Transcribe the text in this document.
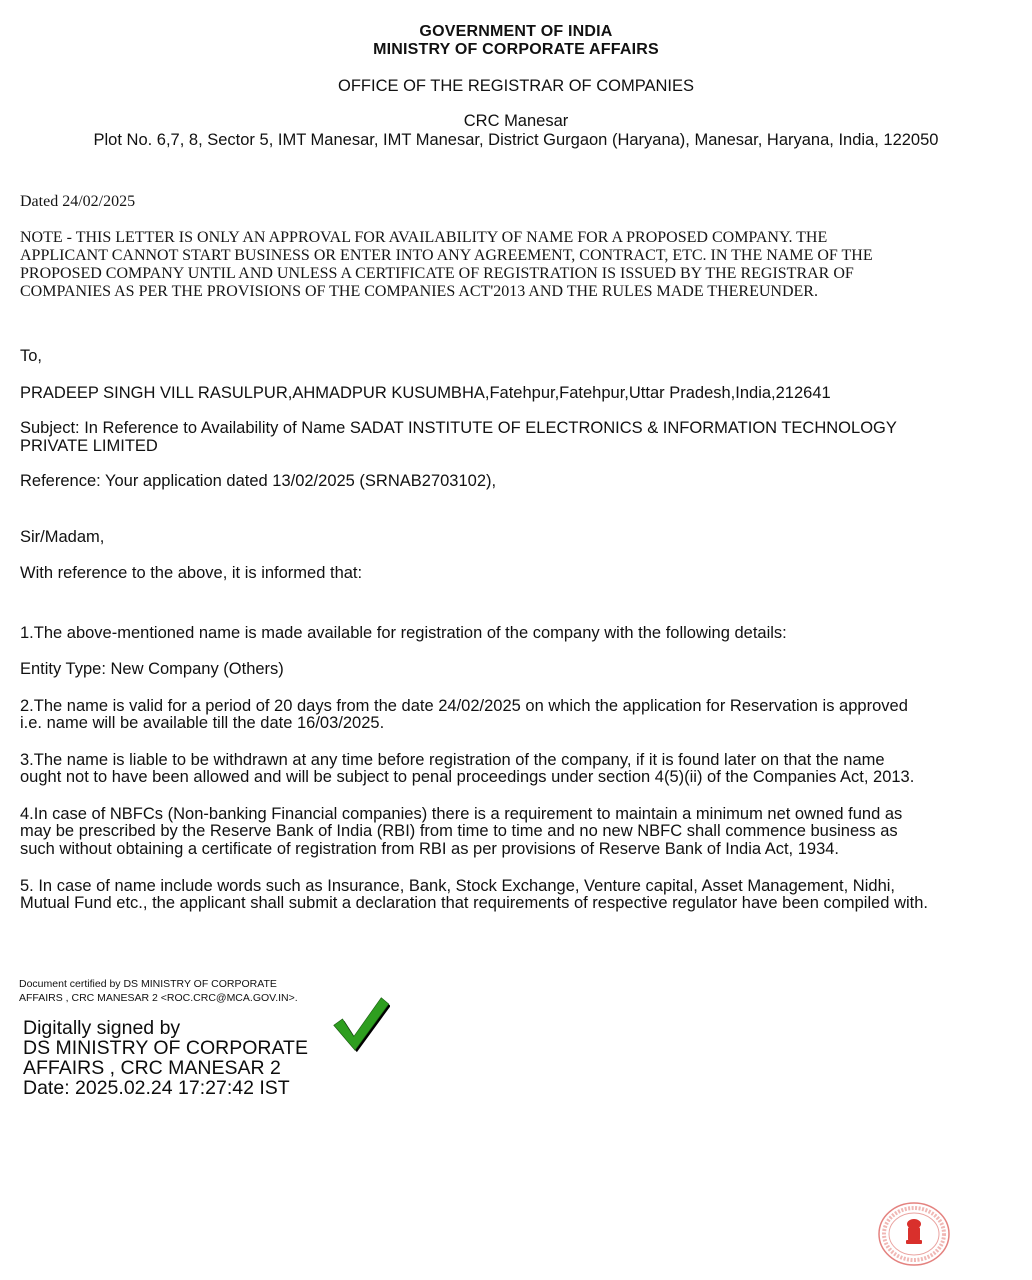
GOVERNMENT OF INDIA
MINISTRY OF CORPORATE AFFAIRS
OFFICE OF THE REGISTRAR OF COMPANIES
CRC Manesar
Plot No. 6,7, 8, Sector 5, IMT Manesar, IMT Manesar, District Gurgaon (Haryana), Manesar, Haryana, India, 122050
Dated 24/02/2025
NOTE - THIS LETTER IS ONLY AN APPROVAL FOR AVAILABILITY OF NAME FOR A PROPOSED COMPANY. THE
APPLICANT CANNOT START BUSINESS OR ENTER INTO ANY AGREEMENT, CONTRACT, ETC. IN THE NAME OF THE
PROPOSED COMPANY UNTIL AND UNLESS A CERTIFICATE OF REGISTRATION IS ISSUED BY THE REGISTRAR OF
COMPANIES AS PER THE PROVISIONS OF THE COMPANIES ACT'2013 AND THE RULES MADE THEREUNDER.
To,
PRADEEP SINGH VILL RASULPUR,AHMADPUR KUSUMBHA,Fatehpur,Fatehpur,Uttar Pradesh,India,212641
Subject: In Reference to Availability of Name SADAT INSTITUTE OF ELECTRONICS & INFORMATION TECHNOLOGY
PRIVATE LIMITED
Reference: Your application dated 13/02/2025 (SRNAB2703102),
Sir/Madam,
With reference to the above, it is informed that:
1.The above-mentioned name is made available for registration of the company with the following details:
Entity Type: New Company (Others)
2.The name is valid for a period of 20 days from the date 24/02/2025 on which the application for Reservation is approved
i.e. name will be available till the date 16/03/2025.
3.The name is liable to be withdrawn at any time before registration of the company, if it is found later on that the name
ought not to have been allowed and will be subject to penal proceedings under section 4(5)(ii) of the Companies Act, 2013.
4.In case of NBFCs (Non-banking Financial companies) there is a requirement to maintain a minimum net owned fund as
may be prescribed by the Reserve Bank of India (RBI) from time to time and no new NBFC shall commence business as
such without obtaining a certificate of registration from RBI as per provisions of Reserve Bank of India Act, 1934.
5. In case of name include words such as Insurance, Bank, Stock Exchange, Venture capital, Asset Management, Nidhi,
Mutual Fund etc., the applicant shall submit a declaration that requirements of respective regulator have been compiled with.
Document certified by DS MINISTRY OF CORPORATE
AFFAIRS , CRC MANESAR 2 <ROC.CRC@MCA.GOV.IN>.
Digitally signed by
DS MINISTRY OF CORPORATE
AFFAIRS , CRC MANESAR 2
Date: 2025.02.24 17:27:42 IST
